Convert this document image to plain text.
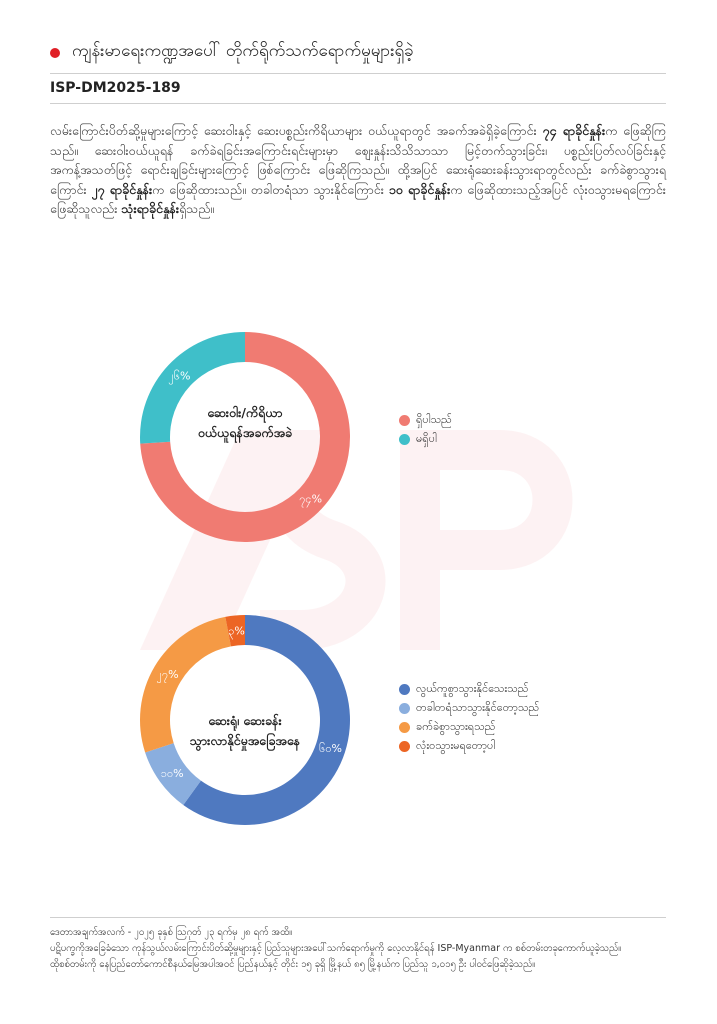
ကျန်းမာရေးကဏ္ဍအပေါ် တိုက်ရိုက်သက်ရောက်မှုများရှိခဲ့
ISP-DM2025-189

လမ်းကြောင်းပိတ်ဆို့မှုများကြောင့် ဆေးဝါးနှင့် ဆေးပစ္စည်းကိရိယာများ ဝယ်ယူရာတွင် အခက်အခဲရှိခဲ့ကြောင်း ၇၄ ရာခိုင်နှုန်းက ဖြေဆိုကြသည်။ ဆေးဝါးဝယ်ယူရန် ခက်ခဲရခြင်းအကြောင်းရင်းများမှာ ဈေးနှုန်းသိသိသာသာ မြင့်တက်သွားခြင်း၊ ပစ္စည်းပြတ်လပ်ခြင်းနှင့် အကန့်အသတ်ဖြင့် ရောင်းချခြင်းများကြောင့် ဖြစ်ကြောင်း ဖြေဆိုကြသည်။ ထို့အပြင် ဆေးရုံဆေးခန်းသွားရာတွင်လည်း ခက်ခဲစွာသွားရကြောင်း ၂၇ ရာခိုင်နှုန်းက ဖြေဆိုထားသည်။ တခါတရံသာ သွားနိုင်ကြောင်း ၁၀ ရာခိုင်နှုန်းက ဖြေဆိုထားသည့်အပြင် လုံးဝသွားမရကြောင်း ဖြေဆိုသူလည်း သုံးရာခိုင်နှုန်းရှိသည်။

၇၄%
၂၆%
ဆေးဝါး/ကိရိယာ
ဝယ်ယူရန်အခက်အခဲ
ရှိပါသည်
မရှိပါ
၆၀%
၁၀%
၂၇%
၃%
ဆေးရုံ၊ ဆေးခန်း
သွားလာနိုင်မှုအခြေအနေ
လွယ်ကူစွာသွားနိုင်သေးသည်
တခါတရံသာသွားနိုင်တော့သည်
ခက်ခဲစွာသွားရသည်
လုံးဝသွားမရတော့ပါ
ဒေတာအချက်အလက် - ၂၀၂၅ ခုနှစ် ဩဂုတ် ၂၃ ရက်မှ ၂၈ ရက် အထိ။
ပဋိပက္ခကိုအခြေခံသော ကုန်သွယ်လမ်းကြောင်းပိတ်ဆို့မှုများနှင့် ပြည်သူများအပေါ်သက်ရောက်မှုကို လေ့လာနိုင်ရန် ISP-Myanmar က စစ်တမ်းတခုကောက်ယူခဲ့သည်။
ထိုစစ်တမ်းကို နေပြည်တော်ကောင်စီနယ်မြေအပါအဝင် ပြည်နယ်နှင့် တိုင်း ၁၅ ခုရှိ မြို့နယ် ၈၅ မြို့နယ်က ပြည်သူ ၁,၀၁၅ ဦး ပါဝင်ဖြေဆိုခဲ့သည်။
